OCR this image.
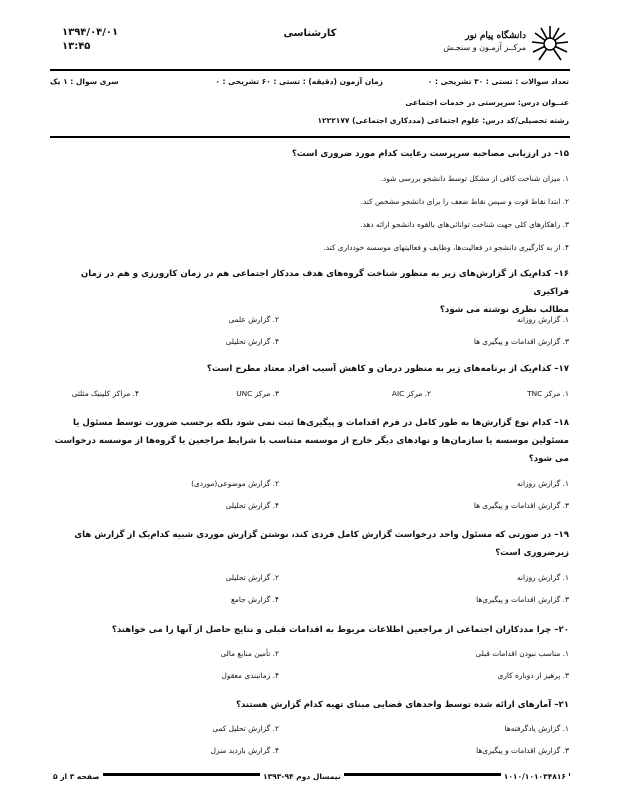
۱۳۹۴/۰۴/۰۱
۱۳:۴۵
کارشناسی	دانشگاه پیام نور
مرکــز آزمـون و سنجـش
تعداد سوالات : تستی : ۳۰ تشریحی : ۰
زمان آزمون (دقیقه) : تستی : ۶۰ تشریحی : ۰
سری سوال : ۱ یک
عنــوان درس: سرپرستی در خدمات اجتماعی
رشته تحصیلی/کد درس: علوم اجتماعی (مددکاری اجتماعی) ۱۲۲۲۱۷۷
۱۵– در ارزیابی مصاحبه سرپرست رعایت کدام مورد ضروری است؟
۱. میزان شناخت کافی از مشکل توسط دانشجو بررسی شود.
۲. ابتدا نقاط قوت و سپس نقاط ضعف را برای دانشجو مشخص کند.
۳. راهکارهای کلی جهت شناخت توانائی‌های بالقوه دانشجو ارائه دهد.
۴. از به کارگیری دانشجو در فعالیت‌ها، وظایف و فعالیتهای موسسه خودداری کند.
۱۶– کدام‌یک از گزارش‌های زیر به منظور شناخت گروه‌های هدف مددکار اجتماعی هم در زمان کارورزی و هم در زمان فراکیری
مطالب نظری نوشته می شود؟
۱. گزارش روزانه
۲. گزارش علمی
۳. گزارش اقدامات و پیگیری ها
۴. گزارش تحلیلی
۱۷– کدام‌یک از برنامه‌های زیر به منظور درمان و کاهش آسیب افراد معتاد مطرح است؟
۱. مرکز TNC
۲. مرکز AIC
۳. مرکز UNC
۴. مراکز کلینیک مثلثی
۱۸– کدام نوع گزارش‌ها به طور کامل در فرم اقدامات و پیگیری‌ها ثبت نمی شود بلکه برحسب ضرورت توسط مسئول یا
مسئولین موسسه یا سازمان‌ها و نهادهای دیگر خارج از موسسه متناسب با شرایط مراجعین یا گروه‌ها از موسسه درخواست
می شود؟
۱. گزارش روزانه
۲. گزارش موضوعی(موردی)
۳. گزارش اقدامات و پیگیری ها
۴. گزارش تحلیلی
۱۹– در صورتی که مسئول واحد درخواست گزارش کامل فردی کند، نوشتن گزارش موردی شبیه کدام‌یک از گزارش های
زیرضروری است؟
۱. گزارش روزانه
۲. گزارش تحلیلی
۳. گزارش اقدامات و پیگیری‌ها
۴. گزارش جامع
۲۰– چرا مددکاران اجتماعی از مراجعین اطلاعات مربوط به اقدامات قبلی و نتایج حاصل از آنها را می خواهند؟
۱. مناسب نبودن اقدامات قبلی
۲. تأمین منابع مالی
۳. پرهیز از دوباره کاری
۴. زمانبندی معقول
۲۱– آمارهای ارائه شده توسط واحدهای قضایی مبنای تهیه کدام گزارش هستند؟
۱. گزارش یادگرفته‌ها
۲. گزارش تحلیل کمی
۳. گزارش اقدامات و پیگیری‌ها
۴. گزارش بازدید منزل
۱۰۱۰/۱۰۱۰۳۴۸۱۶
نیمسال دوم ۹۴-۱۳۹۳
صفحه ۳ از ۵
